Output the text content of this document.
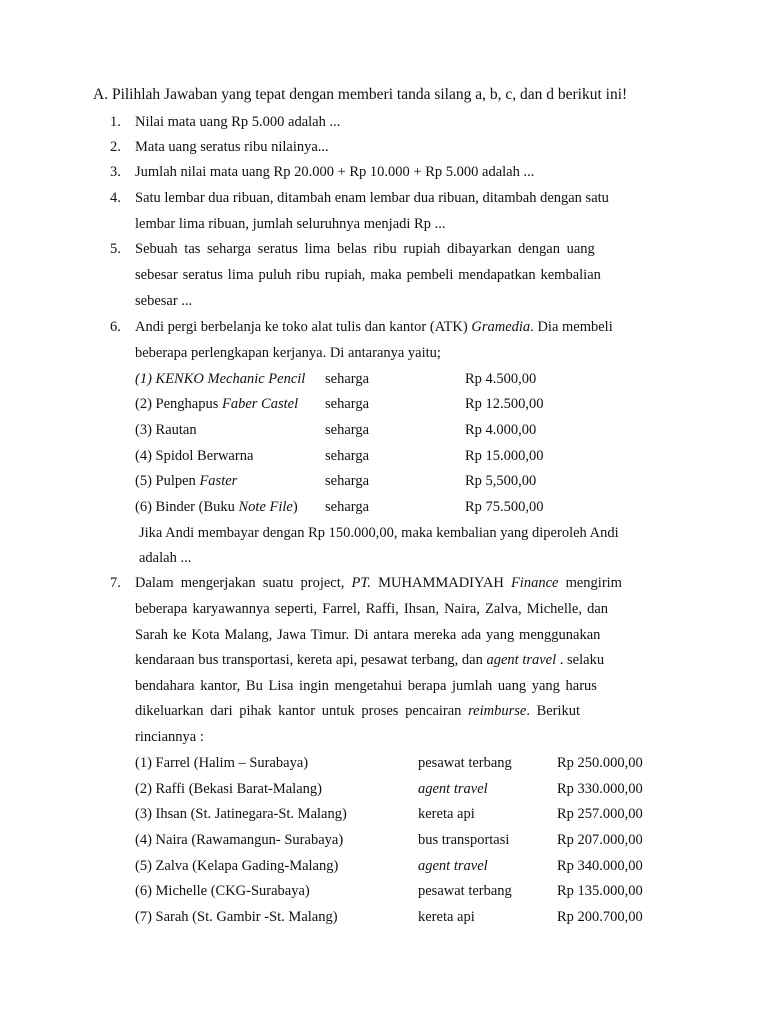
A. Pilihlah Jawaban yang tepat dengan memberi tanda silang a, b, c, dan d berikut ini!
1. Nilai mata uang Rp 5.000 adalah ...
2. Mata uang seratus ribu nilainya...
3. Jumlah nilai mata uang Rp 20.000 + Rp 10.000 + Rp 5.000 adalah ...
4. Satu lembar dua ribuan, ditambah enam lembar dua ribuan, ditambah dengan satu
lembar lima ribuan, jumlah seluruhnya menjadi Rp ...
5. Sebuah tas seharga seratus lima belas ribu rupiah dibayarkan dengan uang
sebesar seratus lima puluh ribu rupiah, maka pembeli mendapatkan kembalian
sebesar ...
6. Andi pergi berbelanja ke toko alat tulis dan kantor (ATK) Gramedia. Dia membeli
beberapa perlengkapan kerjanya. Di antaranya yaitu;
(1) KENKO Mechanic Pencil seharga	Rp 4.500,00
(2) Penghapus Faber Castel seharga	Rp 12.500,00
(3) Rautan	seharga	Rp 4.000,00
(4) Spidol Berwarna	seharga	Rp 15.000,00
(5) Pulpen Faster	seharga	Rp 5,500,00
(6) Binder (Buku Note File) seharga	Rp 75.500,00
Jika Andi membayar dengan Rp 150.000,00, maka kembalian yang diperoleh Andi
adalah ...
7. Dalam mengerjakan suatu project, PT. MUHAMMADIYAH Finance mengirim
beberapa karyawannya seperti, Farrel, Raffi, Ihsan, Naira, Zalva, Michelle, dan
Sarah ke Kota Malang, Jawa Timur. Di antara mereka ada yang menggunakan
kendaraan bus transportasi, kereta api, pesawat terbang, dan agent travel . selaku
bendahara kantor, Bu Lisa ingin mengetahui berapa jumlah uang yang harus
dikeluarkan dari pihak kantor untuk proses pencairan reimburse. Berikut
rinciannya :
(1) Farrel (Halim – Surabaya)	pesawat terbang	Rp 250.000,00
(2) Raffi (Bekasi Barat-Malang)	agent travel	Rp 330.000,00
(3) Ihsan (St. Jatinegara-St. Malang)	kereta api	Rp 257.000,00
(4) Naira (Rawamangun- Surabaya)	bus transportasi	Rp 207.000,00
(5) Zalva (Kelapa Gading-Malang)	agent travel	Rp 340.000,00
(6) Michelle (CKG-Surabaya)	pesawat terbang	Rp 135.000,00
(7) Sarah (St. Gambir -St. Malang)	kereta api	Rp 200.700,00
